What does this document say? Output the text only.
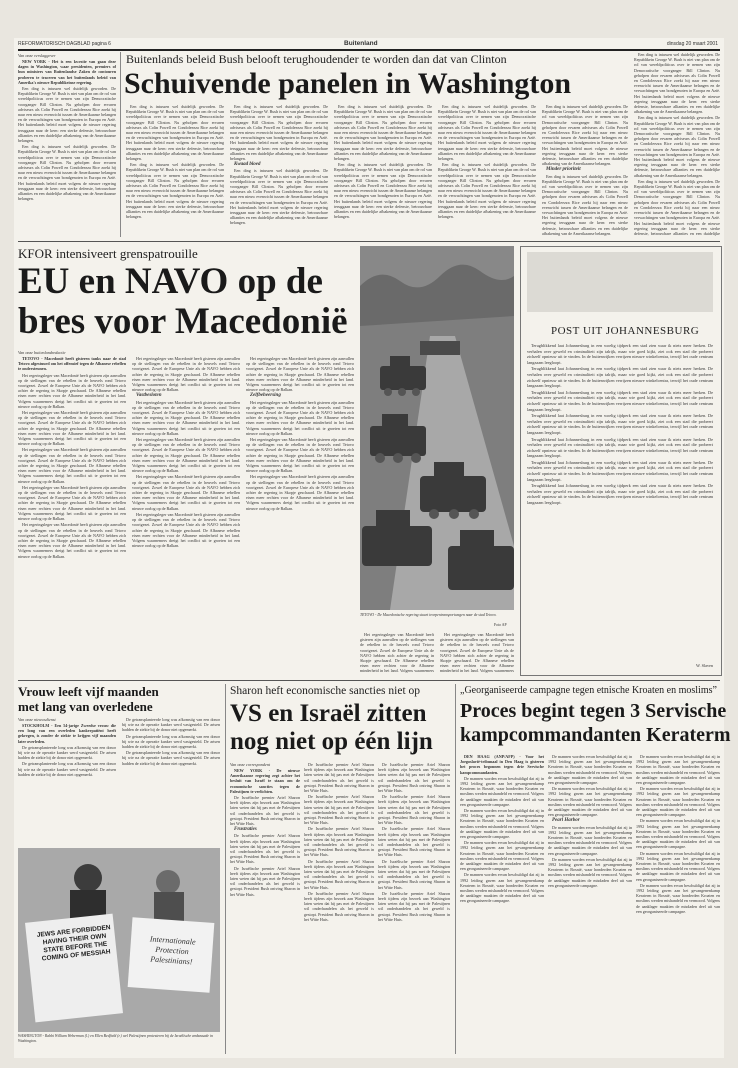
REFORMATORISCH DAGBLAD pagina 6	Buitenland	dinsdag 20 maart 2001
Van onze verslaggever

NEW YORK - Het is een kwestie van gaan deze dagen in Washington, waar presidenten, premiers of hun ministers van Buitenlandse Zaken de contouren proberen te traceren van het buitenlands beleid van Amerika's nieuwe Republikeinse regering.

Een ding is intussen wel duidelijk geworden. De Republikein George W. Bush is niet van plan om de rol van wereldpoliticus over te nemen van zijn Democratische voorganger Bill Clinton. Nu geholpen door ervaren adviseurs als Colin Powell en Condoleezza Rice zoekt hij naar een nieuw evenwicht tussen de Amerikaanse belangen en de verwachtingen van bondgenoten in Europa en Azië. Het buitenlands beleid moet volgens de nieuwe regering teruggaan naar de kern: een sterke defensie, betrouwbare allianties en een duidelijke afbakening van de Amerikaanse belangen.

Een ding is intussen wel duidelijk geworden. De Republikein George W. Bush is niet van plan om de rol van wereldpoliticus over te nemen van zijn Democratische voorganger Bill Clinton. Nu geholpen door ervaren adviseurs als Colin Powell en Condoleezza Rice zoekt hij naar een nieuw evenwicht tussen de Amerikaanse belangen en de verwachtingen van bondgenoten in Europa en Azië. Het buitenlands beleid moet volgens de nieuwe regering teruggaan naar de kern: een sterke defensie, betrouwbare allianties en een duidelijke afbakening van de Amerikaanse belangen.

Buitenlands beleid Bush belooft terughoudender te worden dan dat van Clinton
Schuivende panelen in Washington

Een ding is intussen wel duidelijk geworden. De Republikein George W. Bush is niet van plan om de rol van wereldpoliticus over te nemen van zijn Democratische voorganger Bill Clinton. Nu geholpen door ervaren adviseurs als Colin Powell en Condoleezza Rice zoekt hij naar een nieuw evenwicht tussen de Amerikaanse belangen en de verwachtingen van bondgenoten in Europa en Azië. Het buitenlands beleid moet volgens de nieuwe regering teruggaan naar de kern: een sterke defensie, betrouwbare allianties en een duidelijke afbakening van de Amerikaanse belangen.

Een ding is intussen wel duidelijk geworden. De Republikein George W. Bush is niet van plan om de rol van wereldpoliticus over te nemen van zijn Democratische voorganger Bill Clinton. Nu geholpen door ervaren adviseurs als Colin Powell en Condoleezza Rice zoekt hij naar een nieuw evenwicht tussen de Amerikaanse belangen en de verwachtingen van bondgenoten in Europa en Azië. Het buitenlands beleid moet volgens de nieuwe regering teruggaan naar de kern: een sterke defensie, betrouwbare allianties en een duidelijke afbakening van de Amerikaanse belangen.

Een ding is intussen wel duidelijk geworden. De Republikein George W. Bush is niet van plan om de rol van wereldpoliticus over te nemen van zijn Democratische voorganger Bill Clinton. Nu geholpen door ervaren adviseurs als Colin Powell en Condoleezza Rice zoekt hij naar een nieuw evenwicht tussen de Amerikaanse belangen en de verwachtingen van bondgenoten in Europa en Azië. Het buitenlands beleid moet volgens de nieuwe regering teruggaan naar de kern: een sterke defensie, betrouwbare allianties en een duidelijke afbakening van de Amerikaanse belangen.

Kwaad bloed

Een ding is intussen wel duidelijk geworden. De Republikein George W. Bush is niet van plan om de rol van wereldpoliticus over te nemen van zijn Democratische voorganger Bill Clinton. Nu geholpen door ervaren adviseurs als Colin Powell en Condoleezza Rice zoekt hij naar een nieuw evenwicht tussen de Amerikaanse belangen en de verwachtingen van bondgenoten in Europa en Azië. Het buitenlands beleid moet volgens de nieuwe regering teruggaan naar de kern: een sterke defensie, betrouwbare allianties en een duidelijke afbakening van de Amerikaanse belangen.

Een ding is intussen wel duidelijk geworden. De Republikein George W. Bush is niet van plan om de rol van wereldpoliticus over te nemen van zijn Democratische voorganger Bill Clinton. Nu geholpen door ervaren adviseurs als Colin Powell en Condoleezza Rice zoekt hij naar een nieuw evenwicht tussen de Amerikaanse belangen en de verwachtingen van bondgenoten in Europa en Azië. Het buitenlands beleid moet volgens de nieuwe regering teruggaan naar de kern: een sterke defensie, betrouwbare allianties en een duidelijke afbakening van de Amerikaanse belangen.

Een ding is intussen wel duidelijk geworden. De Republikein George W. Bush is niet van plan om de rol van wereldpoliticus over te nemen van zijn Democratische voorganger Bill Clinton. Nu geholpen door ervaren adviseurs als Colin Powell en Condoleezza Rice zoekt hij naar een nieuw evenwicht tussen de Amerikaanse belangen en de verwachtingen van bondgenoten in Europa en Azië. Het buitenlands beleid moet volgens de nieuwe regering teruggaan naar de kern: een sterke defensie, betrouwbare allianties en een duidelijke afbakening van de Amerikaanse belangen.

Een ding is intussen wel duidelijk geworden. De Republikein George W. Bush is niet van plan om de rol van wereldpoliticus over te nemen van zijn Democratische voorganger Bill Clinton. Nu geholpen door ervaren adviseurs als Colin Powell en Condoleezza Rice zoekt hij naar een nieuw evenwicht tussen de Amerikaanse belangen en de verwachtingen van bondgenoten in Europa en Azië. Het buitenlands beleid moet volgens de nieuwe regering teruggaan naar de kern: een sterke defensie, betrouwbare allianties en een duidelijke afbakening van de Amerikaanse belangen.

Een ding is intussen wel duidelijk geworden. De Republikein George W. Bush is niet van plan om de rol van wereldpoliticus over te nemen van zijn Democratische voorganger Bill Clinton. Nu geholpen door ervaren adviseurs als Colin Powell en Condoleezza Rice zoekt hij naar een nieuw evenwicht tussen de Amerikaanse belangen en de verwachtingen van bondgenoten in Europa en Azië. Het buitenlands beleid moet volgens de nieuwe regering teruggaan naar de kern: een sterke defensie, betrouwbare allianties en een duidelijke afbakening van de Amerikaanse belangen.

Een ding is intussen wel duidelijk geworden. De Republikein George W. Bush is niet van plan om de rol van wereldpoliticus over te nemen van zijn Democratische voorganger Bill Clinton. Nu geholpen door ervaren adviseurs als Colin Powell en Condoleezza Rice zoekt hij naar een nieuw evenwicht tussen de Amerikaanse belangen en de verwachtingen van bondgenoten in Europa en Azië. Het buitenlands beleid moet volgens de nieuwe regering teruggaan naar de kern: een sterke defensie, betrouwbare allianties en een duidelijke afbakening van de Amerikaanse belangen.

Minder prioriteit

Een ding is intussen wel duidelijk geworden. De Republikein George W. Bush is niet van plan om de rol van wereldpoliticus over te nemen van zijn Democratische voorganger Bill Clinton. Nu geholpen door ervaren adviseurs als Colin Powell en Condoleezza Rice zoekt hij naar een nieuw evenwicht tussen de Amerikaanse belangen en de verwachtingen van bondgenoten in Europa en Azië. Het buitenlands beleid moet volgens de nieuwe regering teruggaan naar de kern: een sterke defensie, betrouwbare allianties en een duidelijke afbakening van de Amerikaanse belangen.

Een ding is intussen wel duidelijk geworden. De Republikein George W. Bush is niet van plan om de rol van wereldpoliticus over te nemen van zijn Democratische voorganger Bill Clinton. Nu geholpen door ervaren adviseurs als Colin Powell en Condoleezza Rice zoekt hij naar een nieuw evenwicht tussen de Amerikaanse belangen en de verwachtingen van bondgenoten in Europa en Azië. Het buitenlands beleid moet volgens de nieuwe regering teruggaan naar de kern: een sterke defensie, betrouwbare allianties en een duidelijke afbakening van de Amerikaanse belangen.

Een ding is intussen wel duidelijk geworden. De Republikein George W. Bush is niet van plan om de rol van wereldpoliticus over te nemen van zijn Democratische voorganger Bill Clinton. Nu geholpen door ervaren adviseurs als Colin Powell en Condoleezza Rice zoekt hij naar een nieuw evenwicht tussen de Amerikaanse belangen en de verwachtingen van bondgenoten in Europa en Azië. Het buitenlands beleid moet volgens de nieuwe regering teruggaan naar de kern: een sterke defensie, betrouwbare allianties en een duidelijke afbakening van de Amerikaanse belangen.

Een ding is intussen wel duidelijk geworden. De Republikein George W. Bush is niet van plan om de rol van wereldpoliticus over te nemen van zijn Democratische voorganger Bill Clinton. Nu geholpen door ervaren adviseurs als Colin Powell en Condoleezza Rice zoekt hij naar een nieuw evenwicht tussen de Amerikaanse belangen en de verwachtingen van bondgenoten in Europa en Azië. Het buitenlands beleid moet volgens de nieuwe regering teruggaan naar de kern: een sterke defensie, betrouwbare allianties en een duidelijke

KFOR intensiveert grenspatrouille
EU en NAVO op de
bres voor Macedonië
Van onze buitenlandredactie

TETOVO - Macedonië heeft gisteren tanks naar de stad Tetovo afgestuurd om het offensief tegen de Albanese rebellen te ondersteunen.

Het regeringsleger van Macedonië heeft gisteren zijn aanvallen op de stellingen van de rebellen in de heuvels rond Tetovo voortgezet. Zowel de Europese Unie als de NAVO hebben zich achter de regering in Skopje geschaard. De Albanese rebellen eisen meer rechten voor de Albanese minderheid in het land. Volgens waarnemers dreigt het conflict uit te groeien tot een nieuwe oorlog op de Balkan.

Het regeringsleger van Macedonië heeft gisteren zijn aanvallen op de stellingen van de rebellen in de heuvels rond Tetovo voortgezet. Zowel de Europese Unie als de NAVO hebben zich achter de regering in Skopje geschaard. De Albanese rebellen eisen meer rechten voor de Albanese minderheid in het land. Volgens waarnemers dreigt het conflict uit te groeien tot een nieuwe oorlog op de Balkan.

Het regeringsleger van Macedonië heeft gisteren zijn aanvallen op de stellingen van de rebellen in de heuvels rond Tetovo voortgezet. Zowel de Europese Unie als de NAVO hebben zich achter de regering in Skopje geschaard. De Albanese rebellen eisen meer rechten voor de Albanese minderheid in het land. Volgens waarnemers dreigt het conflict uit te groeien tot een nieuwe oorlog op de Balkan.

Het regeringsleger van Macedonië heeft gisteren zijn aanvallen op de stellingen van de rebellen in de heuvels rond Tetovo voortgezet. Zowel de Europese Unie als de NAVO hebben zich achter de regering in Skopje geschaard. De Albanese rebellen eisen meer rechten voor de Albanese minderheid in het land. Volgens waarnemers dreigt het conflict uit te groeien tot een nieuwe oorlog op de Balkan.

Het regeringsleger van Macedonië heeft gisteren zijn aanvallen op de stellingen van de rebellen in de heuvels rond Tetovo voortgezet. Zowel de Europese Unie als de NAVO hebben zich achter de regering in Skopje geschaard. De Albanese rebellen eisen meer rechten voor de Albanese minderheid in het land. Volgens waarnemers dreigt het conflict uit te groeien tot een nieuwe oorlog op de Balkan.

Het regeringsleger van Macedonië heeft gisteren zijn aanvallen op de stellingen van de rebellen in de heuvels rond Tetovo voortgezet. Zowel de Europese Unie als de NAVO hebben zich achter de regering in Skopje geschaard. De Albanese rebellen eisen meer rechten voor de Albanese minderheid in het land. Volgens waarnemers dreigt het conflict uit te groeien tot een nieuwe oorlog op de Balkan.

Vastbesloten

Het regeringsleger van Macedonië heeft gisteren zijn aanvallen op de stellingen van de rebellen in de heuvels rond Tetovo voortgezet. Zowel de Europese Unie als de NAVO hebben zich achter de regering in Skopje geschaard. De Albanese rebellen eisen meer rechten voor de Albanese minderheid in het land. Volgens waarnemers dreigt het conflict uit te groeien tot een nieuwe oorlog op de Balkan.

Het regeringsleger van Macedonië heeft gisteren zijn aanvallen op de stellingen van de rebellen in de heuvels rond Tetovo voortgezet. Zowel de Europese Unie als de NAVO hebben zich achter de regering in Skopje geschaard. De Albanese rebellen eisen meer rechten voor de Albanese minderheid in het land. Volgens waarnemers dreigt het conflict uit te groeien tot een nieuwe oorlog op de Balkan.

Het regeringsleger van Macedonië heeft gisteren zijn aanvallen op de stellingen van de rebellen in de heuvels rond Tetovo voortgezet. Zowel de Europese Unie als de NAVO hebben zich achter de regering in Skopje geschaard. De Albanese rebellen eisen meer rechten voor de Albanese minderheid in het land. Volgens waarnemers dreigt het conflict uit te groeien tot een nieuwe oorlog op de Balkan.

Het regeringsleger van Macedonië heeft gisteren zijn aanvallen op de stellingen van de rebellen in de heuvels rond Tetovo voortgezet. Zowel de Europese Unie als de NAVO hebben zich achter de regering in Skopje geschaard. De Albanese rebellen eisen meer rechten voor de Albanese minderheid in het land. Volgens waarnemers dreigt het conflict uit te groeien tot een nieuwe oorlog op de Balkan.

Het regeringsleger van Macedonië heeft gisteren zijn aanvallen op de stellingen van de rebellen in de heuvels rond Tetovo voortgezet. Zowel de Europese Unie als de NAVO hebben zich achter de regering in Skopje geschaard. De Albanese rebellen eisen meer rechten voor de Albanese minderheid in het land. Volgens waarnemers dreigt het conflict uit te groeien tot een nieuwe oorlog op de Balkan.

Zelfbeheersing

Het regeringsleger van Macedonië heeft gisteren zijn aanvallen op de stellingen van de rebellen in de heuvels rond Tetovo voortgezet. Zowel de Europese Unie als de NAVO hebben zich achter de regering in Skopje geschaard. De Albanese rebellen eisen meer rechten voor de Albanese minderheid in het land. Volgens waarnemers dreigt het conflict uit te groeien tot een nieuwe oorlog op de Balkan.

Het regeringsleger van Macedonië heeft gisteren zijn aanvallen op de stellingen van de rebellen in de heuvels rond Tetovo voortgezet. Zowel de Europese Unie als de NAVO hebben zich achter de regering in Skopje geschaard. De Albanese rebellen eisen meer rechten voor de Albanese minderheid in het land. Volgens waarnemers dreigt het conflict uit te groeien tot een nieuwe oorlog op de Balkan.

Het regeringsleger van Macedonië heeft gisteren zijn aanvallen op de stellingen van de rebellen in de heuvels rond Tetovo voortgezet. Zowel de Europese Unie als de NAVO hebben zich achter de regering in Skopje geschaard. De Albanese rebellen eisen meer rechten voor de Albanese minderheid in het land. Volgens waarnemers dreigt het conflict uit te groeien tot een nieuwe oorlog op de Balkan.

TETOVO - De Macedonische regering stuurt troepentransportwagen naar de stad Tetovo.
Foto AP

Het regeringsleger van Macedonië heeft gisteren zijn aanvallen op de stellingen van de rebellen in de heuvels rond Tetovo voortgezet. Zowel de Europese Unie als de NAVO hebben zich achter de regering in Skopje geschaard. De Albanese rebellen eisen meer rechten voor de Albanese minderheid in het land. Volgens waarnemers

Het regeringsleger van Macedonië heeft gisteren zijn aanvallen op de stellingen van de rebellen in de heuvels rond Tetovo voortgezet. Zowel de Europese Unie als de NAVO hebben zich achter de regering in Skopje geschaard. De Albanese rebellen eisen meer rechten voor de Albanese minderheid in het land. Volgens waarnemers

POST UIT JOHANNESBURG

Terugblikkend laat Johannesburg in een woelig tijdperk een stad zien waar ik niets meer herken. De verhalen over geweld en criminaliteit zijn talrijk, maar wie goed kijkt, ziet ook een stad die probeert zichzelf opnieuw uit te vinden. In de buitenwijken verrijzen nieuwe winkelcentra, terwijl het oude centrum langzaam leegloopt.

Terugblikkend laat Johannesburg in een woelig tijdperk een stad zien waar ik niets meer herken. De verhalen over geweld en criminaliteit zijn talrijk, maar wie goed kijkt, ziet ook een stad die probeert zichzelf opnieuw uit te vinden. In de buitenwijken verrijzen nieuwe winkelcentra, terwijl het oude centrum langzaam leegloopt.

Terugblikkend laat Johannesburg in een woelig tijdperk een stad zien waar ik niets meer herken. De verhalen over geweld en criminaliteit zijn talrijk, maar wie goed kijkt, ziet ook een stad die probeert zichzelf opnieuw uit te vinden. In de buitenwijken verrijzen nieuwe winkelcentra, terwijl het oude centrum langzaam leegloopt.

Terugblikkend laat Johannesburg in een woelig tijdperk een stad zien waar ik niets meer herken. De verhalen over geweld en criminaliteit zijn talrijk, maar wie goed kijkt, ziet ook een stad die probeert zichzelf opnieuw uit te vinden. In de buitenwijken verrijzen nieuwe winkelcentra, terwijl het oude centrum langzaam leegloopt.

Terugblikkend laat Johannesburg in een woelig tijdperk een stad zien waar ik niets meer herken. De verhalen over geweld en criminaliteit zijn talrijk, maar wie goed kijkt, ziet ook een stad die probeert zichzelf opnieuw uit te vinden. In de buitenwijken verrijzen nieuwe winkelcentra, terwijl het oude centrum langzaam leegloopt.

Terugblikkend laat Johannesburg in een woelig tijdperk een stad zien waar ik niets meer herken. De verhalen over geweld en criminaliteit zijn talrijk, maar wie goed kijkt, ziet ook een stad die probeert zichzelf opnieuw uit te vinden. In de buitenwijken verrijzen nieuwe winkelcentra, terwijl het oude centrum langzaam leegloopt.

Terugblikkend laat Johannesburg in een woelig tijdperk een stad zien waar ik niets meer herken. De verhalen over geweld en criminaliteit zijn talrijk, maar wie goed kijkt, ziet ook een stad die probeert zichzelf opnieuw uit te vinden. In de buitenwijken verrijzen nieuwe winkelcentra, terwijl het oude centrum langzaam leegloopt.

W. Slaven
Vrouw leeft vijf maanden
met lang van overledene
Van onze nieuwsdienst

STOCKHOLM - Een 54-jarige Zweedse vrouw die een long van een overleden kankerpatiënt heeft gekregen, is zonder de ziekte te krijgen vijf maanden later overleden.

De getransplanteerde long was afkomstig van een donor bij wie na de operatie kanker werd vastgesteld. De artsen hadden de ziekte bij de donor niet opgemerkt.

De getransplanteerde long was afkomstig van een donor bij wie na de operatie kanker werd vastgesteld. De artsen hadden de ziekte bij de donor niet opgemerkt.

De getransplanteerde long was afkomstig van een donor bij wie na de operatie kanker werd vastgesteld. De artsen hadden de ziekte bij de donor niet opgemerkt.

De getransplanteerde long was afkomstig van een donor bij wie na de operatie kanker werd vastgesteld. De artsen hadden de ziekte bij de donor niet opgemerkt.

De getransplanteerde long was afkomstig van een donor bij wie na de operatie kanker werd vastgesteld. De artsen hadden de ziekte bij de donor niet opgemerkt.

JEWS ARE FORBIDDEN HAVING THEIR OWN STATE BEFORE THE COMING OF MESSIAH
Internationale Protection Palestinians!
WASHINGTON - Rabbi William Weberman (l.) en Ellen Bedfield (r.) wel Palestijnen protesteren bij de Israëlische ambassade in Washington.
Sharon heft economische sancties niet op
VS en Israël zitten
nog niet op één lijn
Van onze correspondent

NEW YORK - De nieuwe Amerikaanse regering zegt achter het besluit van Israël te staan om de economische sancties tegen de Palestijnen te verlichten.

De Israëlische premier Ariel Sharon heeft tijdens zijn bezoek aan Washington laten weten dat hij pas met de Palestijnen wil onderhandelen als het geweld is gestopt. President Bush ontving Sharon in het Witte Huis.

Frustraties

De Israëlische premier Ariel Sharon heeft tijdens zijn bezoek aan Washington laten weten dat hij pas met de Palestijnen wil onderhandelen als het geweld is gestopt. President Bush ontving Sharon in het Witte Huis.

De Israëlische premier Ariel Sharon heeft tijdens zijn bezoek aan Washington laten weten dat hij pas met de Palestijnen wil onderhandelen als het geweld is gestopt. President Bush ontving Sharon in het Witte Huis.

De Israëlische premier Ariel Sharon heeft tijdens zijn bezoek aan Washington laten weten dat hij pas met de Palestijnen wil onderhandelen als het geweld is gestopt. President Bush ontving Sharon in het Witte Huis.

De Israëlische premier Ariel Sharon heeft tijdens zijn bezoek aan Washington laten weten dat hij pas met de Palestijnen wil onderhandelen als het geweld is gestopt. President Bush ontving Sharon in het Witte Huis.

De Israëlische premier Ariel Sharon heeft tijdens zijn bezoek aan Washington laten weten dat hij pas met de Palestijnen wil onderhandelen als het geweld is gestopt. President Bush ontving Sharon in het Witte Huis.

De Israëlische premier Ariel Sharon heeft tijdens zijn bezoek aan Washington laten weten dat hij pas met de Palestijnen wil onderhandelen als het geweld is gestopt. President Bush ontving Sharon in het Witte Huis.

De Israëlische premier Ariel Sharon heeft tijdens zijn bezoek aan Washington laten weten dat hij pas met de Palestijnen wil onderhandelen als het geweld is gestopt. President Bush ontving Sharon in het Witte Huis.

De Israëlische premier Ariel Sharon heeft tijdens zijn bezoek aan Washington laten weten dat hij pas met de Palestijnen wil onderhandelen als het geweld is gestopt. President Bush ontving Sharon in het Witte Huis.

De Israëlische premier Ariel Sharon heeft tijdens zijn bezoek aan Washington laten weten dat hij pas met de Palestijnen wil onderhandelen als het geweld is gestopt. President Bush ontving Sharon in het Witte Huis.

De Israëlische premier Ariel Sharon heeft tijdens zijn bezoek aan Washington laten weten dat hij pas met de Palestijnen wil onderhandelen als het geweld is gestopt. President Bush ontving Sharon in het Witte Huis.

De Israëlische premier Ariel Sharon heeft tijdens zijn bezoek aan Washington laten weten dat hij pas met de Palestijnen wil onderhandelen als het geweld is gestopt. President Bush ontving Sharon in het Witte Huis.

De Israëlische premier Ariel Sharon heeft tijdens zijn bezoek aan Washington laten weten dat hij pas met de Palestijnen wil onderhandelen als het geweld is gestopt. President Bush ontving Sharon in het Witte Huis.

„Georganiseerde campagne tegen etnische Kroaten en moslims”
Proces begint tegen 3 Servische
kampcommandanten Keraterm

DEN HAAG (ANP/AFP) - Voor het Joegoslavië-tribunaal in Den Haag is gisteren het proces begonnen tegen drie Servische kampcommandanten.

De mannen worden ervan beschuldigd dat zij in 1992 leiding gaven aan het gevangenenkamp Keraterm in Bosnië, waar honderden Kroaten en moslims werden mishandeld en vermoord. Volgens de aanklager maakten de misdaden deel uit van een georganiseerde campagne.

De mannen worden ervan beschuldigd dat zij in 1992 leiding gaven aan het gevangenenkamp Keraterm in Bosnië, waar honderden Kroaten en moslims werden mishandeld en vermoord. Volgens de aanklager maakten de misdaden deel uit van een georganiseerde campagne.

De mannen worden ervan beschuldigd dat zij in 1992 leiding gaven aan het gevangenenkamp Keraterm in Bosnië, waar honderden Kroaten en moslims werden mishandeld en vermoord. Volgens de aanklager maakten de misdaden deel uit van een georganiseerde campagne.

De mannen worden ervan beschuldigd dat zij in 1992 leiding gaven aan het gevangenenkamp Keraterm in Bosnië, waar honderden Kroaten en moslims werden mishandeld en vermoord. Volgens de aanklager maakten de misdaden deel uit van een georganiseerde campagne.

De mannen worden ervan beschuldigd dat zij in 1992 leiding gaven aan het gevangenenkamp Keraterm in Bosnië, waar honderden Kroaten en moslims werden mishandeld en vermoord. Volgens de aanklager maakten de misdaden deel uit van een georganiseerde campagne.

De mannen worden ervan beschuldigd dat zij in 1992 leiding gaven aan het gevangenenkamp Keraterm in Bosnië, waar honderden Kroaten en moslims werden mishandeld en vermoord. Volgens de aanklager maakten de misdaden deel uit van een georganiseerde campagne.

Pearl Harbor

De mannen worden ervan beschuldigd dat zij in 1992 leiding gaven aan het gevangenenkamp Keraterm in Bosnië, waar honderden Kroaten en moslims werden mishandeld en vermoord. Volgens de aanklager maakten de misdaden deel uit van een georganiseerde campagne.

De mannen worden ervan beschuldigd dat zij in 1992 leiding gaven aan het gevangenenkamp Keraterm in Bosnië, waar honderden Kroaten en moslims werden mishandeld en vermoord. Volgens de aanklager maakten de misdaden deel uit van een georganiseerde campagne.

De mannen worden ervan beschuldigd dat zij in 1992 leiding gaven aan het gevangenenkamp Keraterm in Bosnië, waar honderden Kroaten en moslims werden mishandeld en vermoord. Volgens de aanklager maakten de misdaden deel uit van een georganiseerde campagne.

De mannen worden ervan beschuldigd dat zij in 1992 leiding gaven aan het gevangenenkamp Keraterm in Bosnië, waar honderden Kroaten en moslims werden mishandeld en vermoord. Volgens de aanklager maakten de misdaden deel uit van een georganiseerde campagne.

De mannen worden ervan beschuldigd dat zij in 1992 leiding gaven aan het gevangenenkamp Keraterm in Bosnië, waar honderden Kroaten en moslims werden mishandeld en vermoord. Volgens de aanklager maakten de misdaden deel uit van een georganiseerde campagne.

De mannen worden ervan beschuldigd dat zij in 1992 leiding gaven aan het gevangenenkamp Keraterm in Bosnië, waar honderden Kroaten en moslims werden mishandeld en vermoord. Volgens de aanklager maakten de misdaden deel uit van een georganiseerde campagne.

De mannen worden ervan beschuldigd dat zij in 1992 leiding gaven aan het gevangenenkamp Keraterm in Bosnië, waar honderden Kroaten en moslims werden mishandeld en vermoord. Volgens de aanklager maakten de misdaden deel uit van een georganiseerde campagne.
